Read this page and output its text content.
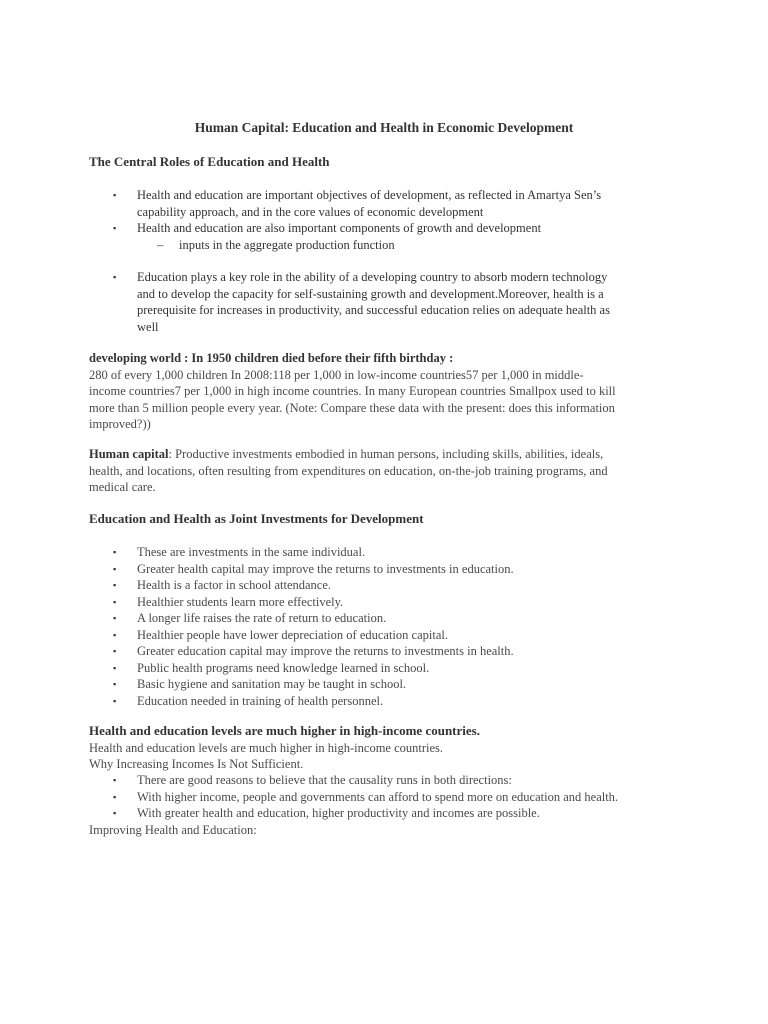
Human Capital: Education and Health in Economic Development
The Central Roles of Education and Health
▪ Health and education are important objectives of development, as reflected in Amartya Sen’s
capability approach, and in the core values of economic development
▪ Health and education are also important components of growth and development
– inputs in the aggregate production function
▪ Education plays a key role in the ability of a developing country to absorb modern technology
and to develop the capacity for self-sustaining growth and development.Moreover, health is a
prerequisite for increases in productivity, and successful education relies on adequate health as
well
developing world : In 1950 children died before their fifth birthday :
280 of every 1,000 children In 2008:118 per 1,000 in low-income countries57 per 1,000 in middle-
income countries7 per 1,000 in high income countries. In many European countries Smallpox used to kill
more than 5 million people every year. (Note: Compare these data with the present: does this information
improved?))
Human capital: Productive investments embodied in human persons, including skills, abilities, ideals,
health, and locations, often resulting from expenditures on education, on-the-job training programs, and
medical care.
Education and Health as Joint Investments for Development
▪ These are investments in the same individual.
▪ Greater health capital may improve the returns to investments in education.
▪ Health is a factor in school attendance.
▪ Healthier students learn more effectively.
▪ A longer life raises the rate of return to education.
▪ Healthier people have lower depreciation of education capital.
▪ Greater education capital may improve the returns to investments in health.
▪ Public health programs need knowledge learned in school.
▪ Basic hygiene and sanitation may be taught in school.
▪ Education needed in training of health personnel.
Health and education levels are much higher in high-income countries.
Health and education levels are much higher in high-income countries.
Why Increasing Incomes Is Not Sufficient.
▪ There are good reasons to believe that the causality runs in both directions:
▪ With higher income, people and governments can afford to spend more on education and health.
▪ With greater health and education, higher productivity and incomes are possible.
Improving Health and Education:
